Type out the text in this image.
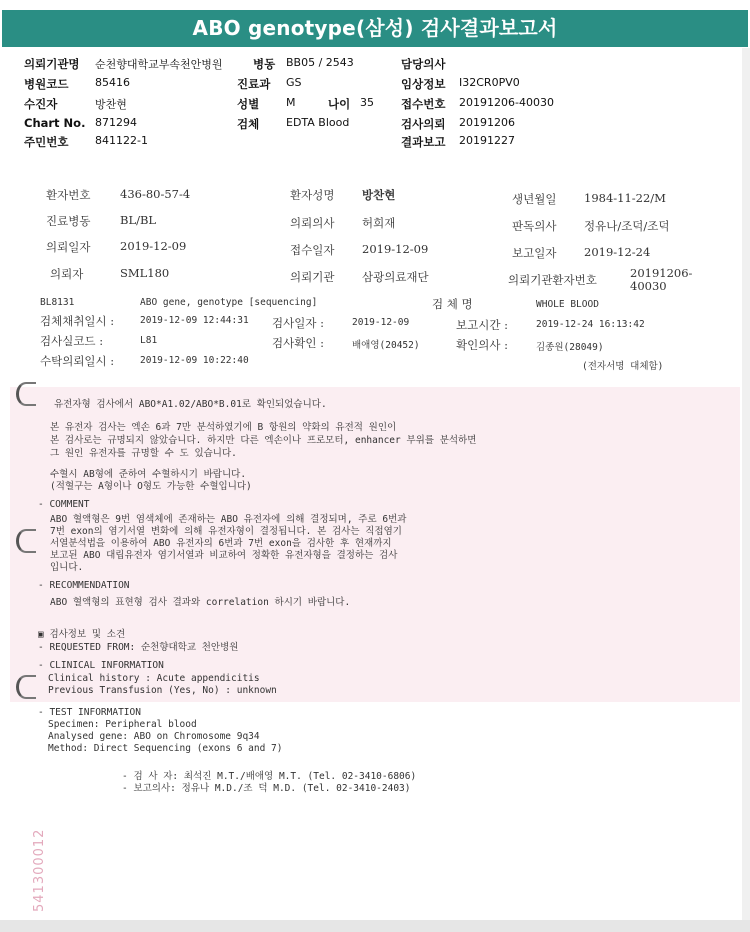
ABO genotype(삼성) 검사결과보고서
의뢰기관명 순천향대학교부속천안병원	병동 BB05 / 2543	담당의사
병원코드 85416	진료과 GS	임상정보 I32CR0PV0
수진자	방찬현	성별 M	나이 35 접수번호 20191206-40030
Chart No. 871294	검체 EDTA Blood	검사의뢰 20191206
주민번호 841122-1	결과보고 20191227
환자번호	436-80-57-4	환자성명 방찬현	생년월일 1984-11-22/M
진료병동	BL/BL	의뢰의사 허희재	판독의사 정유나/조덕/조덕
의뢰일자	2019-12-09	접수일자 2019-12-09	보고일자 2019-12-24
의뢰자	SML180	의뢰기관 삼광의료재단	의뢰기관환자번호	20191206-
40030
BL8131	ABO gene, genotype [sequencing]	검 체 명	WHOLE BLOOD
검체채취일시 :	2019-12-09 12:44:31 검사일자 :	2019-12-09	보고시간 :	2019-12-24 16:13:42
검사실코드 :	L81	검사확인 :	배애영(20452)	확인의사 :	김종원(28049)
수탁의뢰일시 :	2019-12-09 10:22:40
(전자서명 대체함)
유전자형 검사에서 ABO*A1.02/ABO*B.01로 확인되었습니다.
본 유전자 검사는 엑손 6과 7만 분석하였기에 B 항원의 약화의 유전적 원인이
본 검사로는 규명되지 않았습니다. 하지만 다른 엑손이나 프로모터, enhancer 부위를 분석하면
그 원인 유전자를 규명할 수 도 있습니다.
수혈시 AB형에 준하여 수혈하시기 바랍니다.
(적혈구는 A형이나 O형도 가능한 수혈입니다)
- COMMENT
ABO 혈액형은 9번 염색체에 존재하는 ABO 유전자에 의해 결정되며, 주로 6번과
7번 exon의 염기서열 변화에 의해 유전자형이 결정됩니다. 본 검사는 직접염기
서열분석법을 이용하여 ABO 유전자의 6번과 7번 exon을 검사한 후 현재까지
보고된 ABO 대립유전자 염기서열과 비교하여 정확한 유전자형을 결정하는 검사
입니다.
- RECOMMENDATION
ABO 혈액형의 표현형 검사 결과와 correlation 하시기 바랍니다.
▣ 검사정보 및 소견
- REQUESTED FROM: 순천향대학교 천안병원
- CLINICAL INFORMATION
Clinical history : Acute appendicitis
Previous Transfusion (Yes, No) : unknown
- TEST INFORMATION
Specimen: Peripheral blood
Analysed gene: ABO on Chromosome 9q34
Method: Direct Sequencing (exons 6 and 7)
- 검 사 자: 최석진 M.T./배애영 M.T. (Tel. 02-3410-6806)
- 보고의사: 정유나 M.D./조 덕 M.D. (Tel. 02-3410-2403)
541300012
